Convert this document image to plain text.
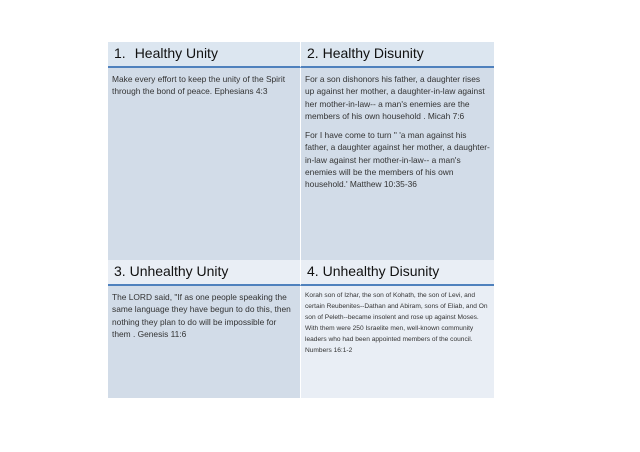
1. Healthy Unity	2. Healthy Disunity
Make every effort to keep the unity of the Spirit through the bond of peace. Ephesians 4:3
For a son dishonors his father, a daughter rises up against her mother, a daughter-in-law against her mother-in-law-- a man's enemies are the members of his own household . Micah 7:6
For I have come to turn " 'a man against his father, a daughter against her mother, a daughter-in-law against her mother-in-law-- a man's enemies will be the members of his own household.' Matthew 10:35-36
3. Unhealthy Unity	4. Unhealthy Disunity
The LORD said, "If as one people speaking the same language they have begun to do this, then nothing they plan to do will be impossible for them . Genesis 11:6
Korah son of Izhar, the son of Kohath, the son of Levi, and certain Reubenites--Dathan and Abiram, sons of Eliab, and On son of Peleth--became insolent and rose up against Moses. With them were 250 Israelite men, well-known community leaders who had been appointed members of the council. Numbers 16:1-2
